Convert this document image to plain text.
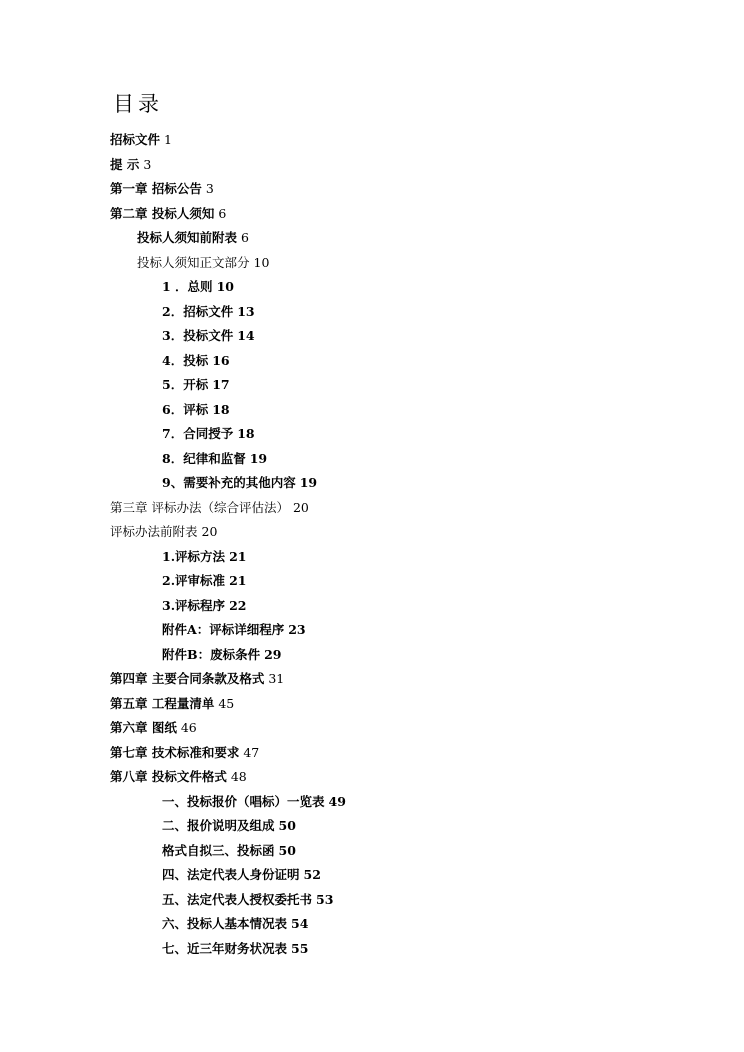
目录
招标文件 1
提 示 3
第一章 招标公告 3
第二章 投标人须知 6
投标人须知前附表 6
投标人须知正文部分 10
1 ．总则 10
2．招标文件 13
3．投标文件 14
4．投标 16
5．开标 17
6．评标 18
7．合同授予 18
8．纪律和监督 19
9、需要补充的其他内容 19
第三章 评标办法（综合评估法） 20
评标办法前附表 20
1.评标方法 21
2.评审标准 21
3.评标程序 22
附件A：评标详细程序 23
附件B：废标条件 29
第四章 主要合同条款及格式 31
第五章 工程量清单 45
第六章 图纸 46
第七章 技术标准和要求 47
第八章 投标文件格式 48
一、投标报价（唱标）一览表 49
二、报价说明及组成 50
格式自拟三、投标函 50
四、法定代表人身份证明 52
五、法定代表人授权委托书 53
六、投标人基本情况表 54
七、近三年财务状况表 55
